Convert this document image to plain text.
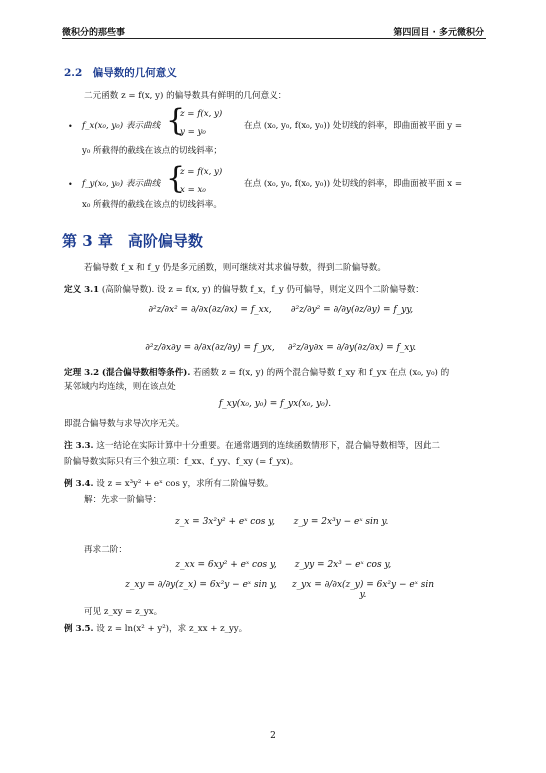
微积分的那些事	第四回目 · 多元微积分
2.2　偏导数的几何意义
二元函数 z = f(x, y) 的偏导数具有鲜明的几何意义：
• f_x(x₀, y₀) 表示曲线 {
z = f(x, y)
y = y₀
在点 (x₀, y₀, f(x₀, y₀)) 处切线的斜率，即曲面被平面 y =
y₀ 所截得的截线在该点的切线斜率；
• f_y(x₀, y₀) 表示曲线 {
z = f(x, y)
x = x₀
在点 (x₀, y₀, f(x₀, y₀)) 处切线的斜率，即曲面被平面 x =
x₀ 所截得的截线在该点的切线斜率。
第 3 章　高阶偏导数
若偏导数 f_x 和 f_y 仍是多元函数，则可继续对其求偏导数，得到二阶偏导数。
定义 3.1 (高阶偏导数). 设 z = f(x, y) 的偏导数 f_x，f_y 仍可偏导，则定义四个二阶偏导数：
∂²z/∂x² = ∂/∂x(∂z/∂x) = f_xx,	∂²z/∂y² = ∂/∂y(∂z/∂y) = f_yy,
∂²z/∂x∂y = ∂/∂x(∂z/∂y) = f_yx,	∂²z/∂y∂x = ∂/∂y(∂z/∂x) = f_xy.
定理 3.2 (混合偏导数相等条件). 若函数 z = f(x, y) 的两个混合偏导数 f_xy 和 f_yx 在点 (x₀, y₀) 的
某邻域内均连续，则在该点处
f_xy(x₀, y₀) = f_yx(x₀, y₀).
即混合偏导数与求导次序无关。
注 3.3. 这一结论在实际计算中十分重要。在通常遇到的连续函数情形下，混合偏导数相等，因此二
阶偏导数实际只有三个独立项：f_xx、f_yy、f_xy (= f_yx)。
例 3.4. 设 z = x³y² + eˣ cos y，求所有二阶偏导数。
解：先求一阶偏导：
z_x = 3x²y² + eˣ cos y,	z_y = 2x³y − eˣ sin y.
再求二阶：
z_xx = 6xy² + eˣ cos y,	z_yy = 2x³ − eˣ cos y,
z_xy = ∂/∂y(z_x) = 6x²y − eˣ sin y,	z_yx = ∂/∂x(z_y) = 6x²y − eˣ sin y.
可见 z_xy = z_yx。
例 3.5. 设 z = ln(x² + y²)，求 z_xx + z_yy。
2
